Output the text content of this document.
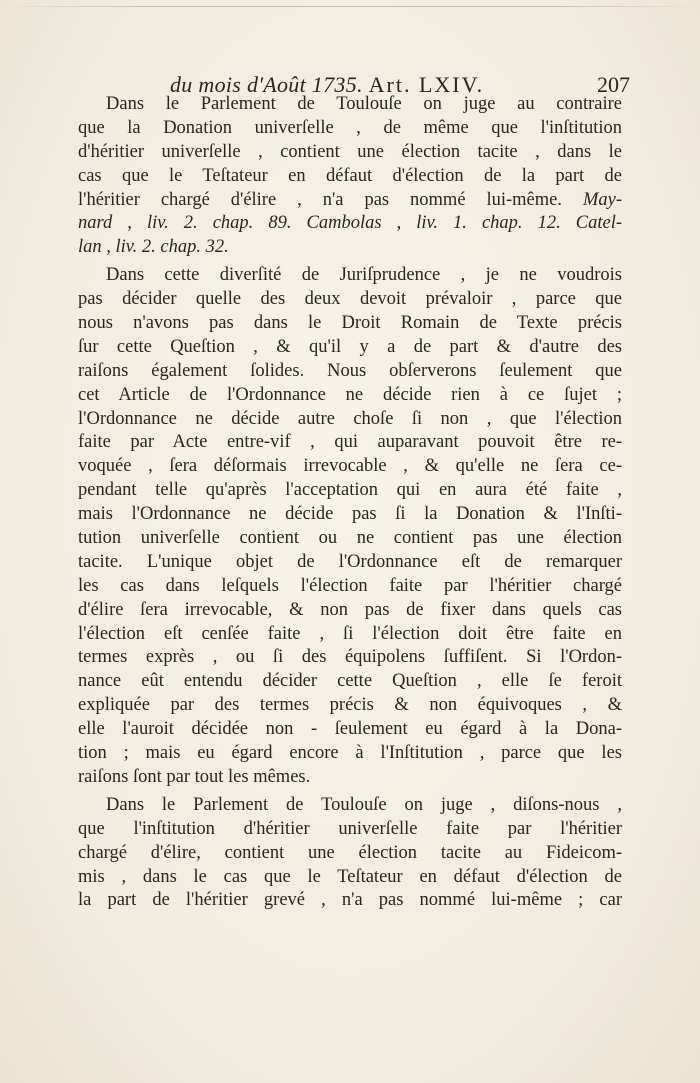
du mois d'Août 1735. Art. LXIV.	207
Dans le Parlement de Toulouſe on juge au contraire
que la Donation univerſelle , de même que l'inſtitution
d'héritier univerſelle , contient une élection tacite , dans le
cas que le Teſtateur en défaut d'élection de la part de
l'héritier chargé d'élire , n'a pas nommé lui-même. May-
nard , liv. 2. chap. 89. Cambolas , liv. 1. chap. 12. Catel-
lan , liv. 2. chap. 32.
Dans cette diverſité de Juriſprudence , je ne voudrois
pas décider quelle des deux devoit prévaloir , parce que
nous n'avons pas dans le Droit Romain de Texte précis
ſur cette Queſtion , & qu'il y a de part & d'autre des
raiſons également ſolides. Nous obſerverons ſeulement que
cet Article de l'Ordonnance ne décide rien à ce ſujet ;
l'Ordonnance ne décide autre choſe ſi non , que l'élection
faite par Acte entre-vif , qui auparavant pouvoit être re-
voquée , ſera déſormais irrevocable , & qu'elle ne ſera ce-
pendant telle qu'après l'acceptation qui en aura été faite ,
mais l'Ordonnance ne décide pas ſi la Donation & l'Inſti-
tution univerſelle contient ou ne contient pas une élection
tacite. L'unique objet de l'Ordonnance eſt de remarquer
les cas dans leſquels l'élection faite par l'héritier chargé
d'élire ſera irrevocable, & non pas de fixer dans quels cas
l'élection eſt cenſée faite , ſi l'élection doit être faite en
termes exprès , ou ſi des équipolens ſuffiſent. Si l'Ordon-
nance eût entendu décider cette Queſtion , elle ſe feroit
expliquée par des termes précis & non équivoques , &
elle l'auroit décidée non - ſeulement eu égard à la Dona-
tion ; mais eu égard encore à l'Inſtitution , parce que les
raiſons ſont par tout les mêmes.
Dans le Parlement de Toulouſe on juge , diſons-nous ,
que l'inſtitution d'héritier univerſelle faite par l'héritier
chargé d'élire, contient une élection tacite au Fideicom-
mis , dans le cas que le Teſtateur en défaut d'élection de
la part de l'héritier grevé , n'a pas nommé lui-même ; car
